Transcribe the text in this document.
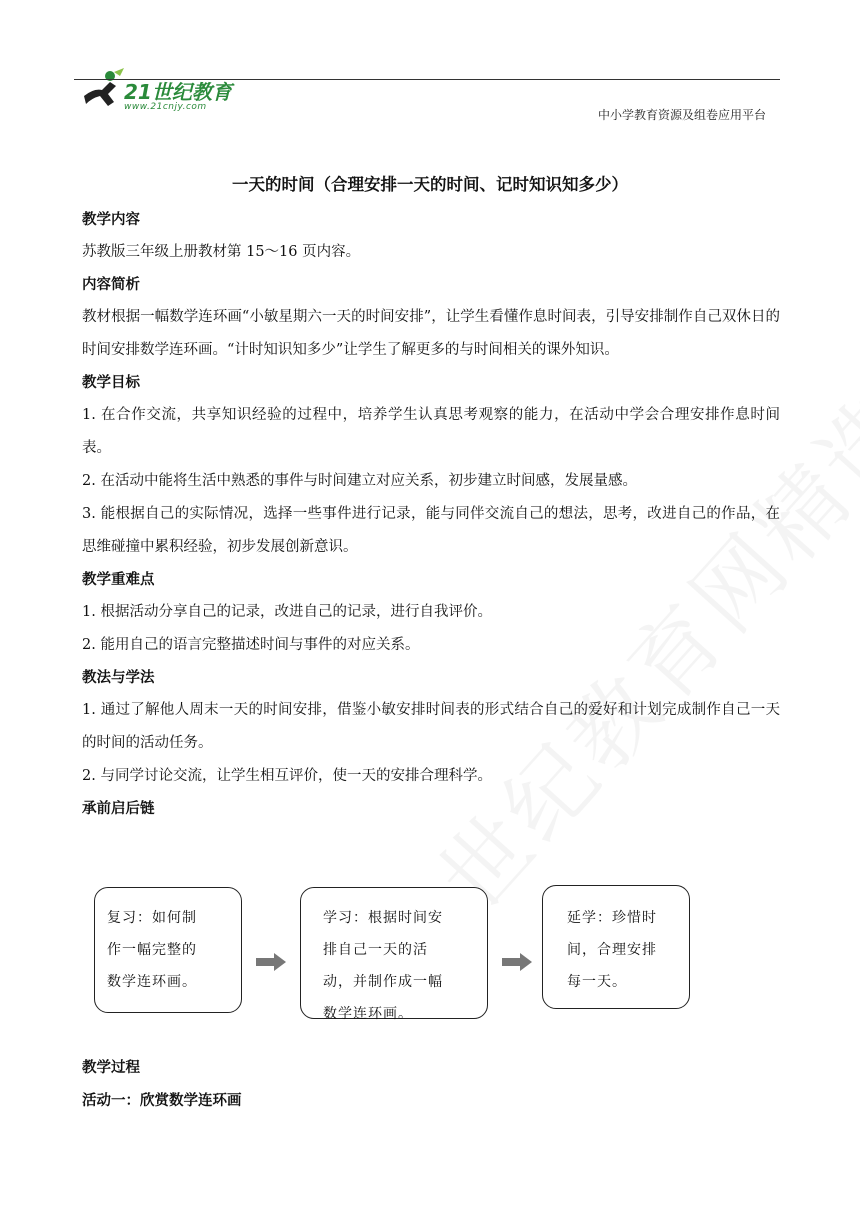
21世纪教育
www.21cnjy.com
中小学教育资源及组卷应用平台
一天的时间（合理安排一天的时间、记时知识知多少）
教学内容
苏教版三年级上册教材第 15～16 页内容。
内容简析
教材根据一幅数学连环画“小敏星期六一天的时间安排”，让学生看懂作息时间表，引导安排制作自己双休日的时间安排数学连环画。“计时知识知多少”让学生了解更多的与时间相关的课外知识。
教学目标
1. 在合作交流，共享知识经验的过程中，培养学生认真思考观察的能力，在活动中学会合理安排作息时间表。
2. 在活动中能将生活中熟悉的事件与时间建立对应关系，初步建立时间感，发展量感。
3. 能根据自己的实际情况，选择一些事件进行记录，能与同伴交流自己的想法，思考，改进自己的作品，在思维碰撞中累积经验，初步发展创新意识。
教学重难点
1. 根据活动分享自己的记录，改进自己的记录，进行自我评价。
2. 能用自己的语言完整描述时间与事件的对应关系。
教法与学法
1. 通过了解他人周末一天的时间安排，借鉴小敏安排时间表的形式结合自己的爱好和计划完成制作自己一天的时间的活动任务。
2. 与同学讨论交流，让学生相互评价，使一天的安排合理科学。
承前启后链
复习：如何制
作一幅完整的
数学连环画。
学习：根据时间安
排自己一天的活
动，并制作成一幅
数学连环画。
延学：珍惜时
间，合理安排
每一天。
教学过程
活动一：欣赏数学连环画
